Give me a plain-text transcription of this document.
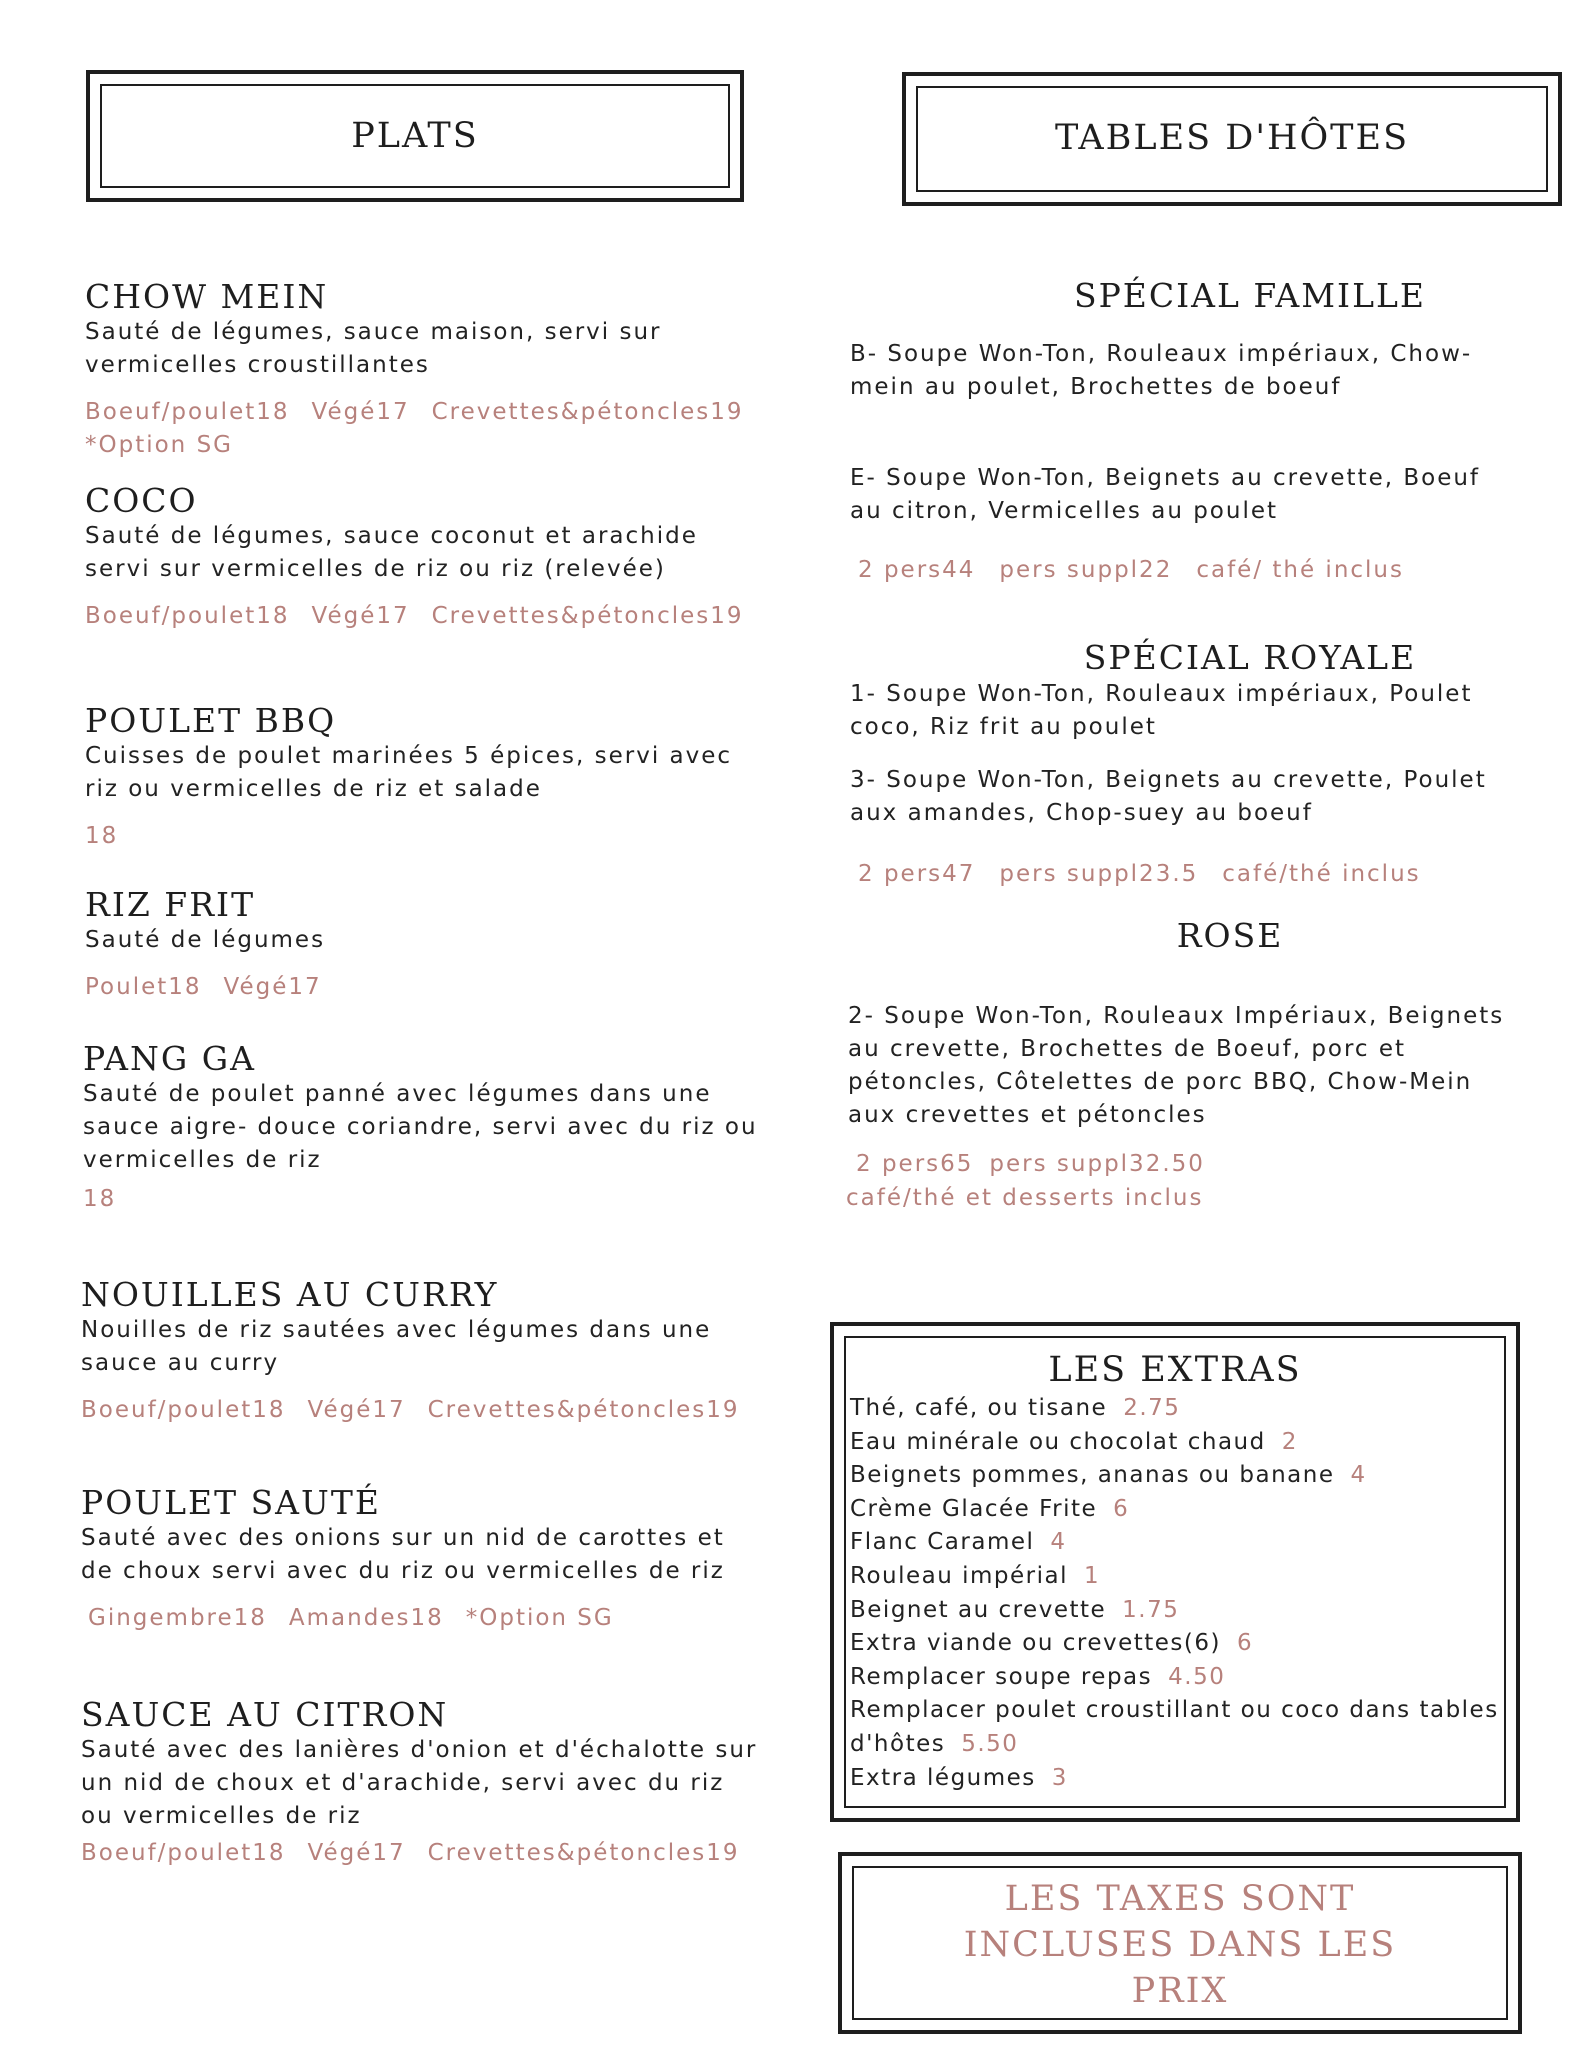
PLATS	TABLES D'HÔTES
CHOW MEIN
Sauté de légumes, sauce maison, servi sur
vermicelles croustillantes
Boeuf/poulet18 Végé17 Crevettes&pétoncles19
*Option SG
COCO
Sauté de légumes, sauce coconut et arachide
servi sur vermicelles de riz ou riz (relevée)
Boeuf/poulet18 Végé17 Crevettes&pétoncles19
POULET BBQ
Cuisses de poulet marinées 5 épices, servi avec
riz ou vermicelles de riz et salade
18
RIZ FRIT
Sauté de légumes
Poulet18 Végé17
PANG GA
Sauté de poulet panné avec légumes dans une
sauce aigre- douce coriandre, servi avec du riz ou
vermicelles de riz
18
NOUILLES AU CURRY
Nouilles de riz sautées avec légumes dans une
sauce au curry
Boeuf/poulet18 Végé17 Crevettes&pétoncles19
POULET SAUTÉ
Sauté avec des onions sur un nid de carottes et
de choux servi avec du riz ou vermicelles de riz
Gingembre18 Amandes18 *Option SG
SAUCE AU CITRON
Sauté avec des lanières d'onion et d'échalotte sur
un nid de choux et d'arachide, servi avec du riz
ou vermicelles de riz
Boeuf/poulet18 Végé17 Crevettes&pétoncles19
SPÉCIAL FAMILLE
B- Soupe Won-Ton, Rouleaux impériaux, Chow-
mein au poulet, Brochettes de boeuf
E- Soupe Won-Ton, Beignets au crevette, Boeuf
au citron, Vermicelles au poulet
2 pers44 pers suppl22 café/ thé inclus
SPÉCIAL ROYALE
1- Soupe Won-Ton, Rouleaux impériaux, Poulet
coco, Riz frit au poulet
3- Soupe Won-Ton, Beignets au crevette, Poulet
aux amandes, Chop-suey au boeuf
2 pers47 pers suppl23.5 café/thé inclus
ROSE
2- Soupe Won-Ton, Rouleaux Impériaux, Beignets
au crevette, Brochettes de Boeuf, porc et
pétoncles, Côtelettes de porc BBQ, Chow-Mein
aux crevettes et pétoncles
2 pers65 pers suppl32.50
café/thé et desserts inclus
LES EXTRAS
Thé, café, ou tisane 2.75
Eau minérale ou chocolat chaud 2
Beignets pommes, ananas ou banane 4
Crème Glacée Frite 6
Flanc Caramel 4
Rouleau impérial 1
Beignet au crevette 1.75
Extra viande ou crevettes(6) 6
Remplacer soupe repas 4.50
Remplacer poulet croustillant ou coco dans tables
d'hôtes 5.50
Extra légumes 3
LES TAXES SONT
INCLUSES DANS LES
PRIX
